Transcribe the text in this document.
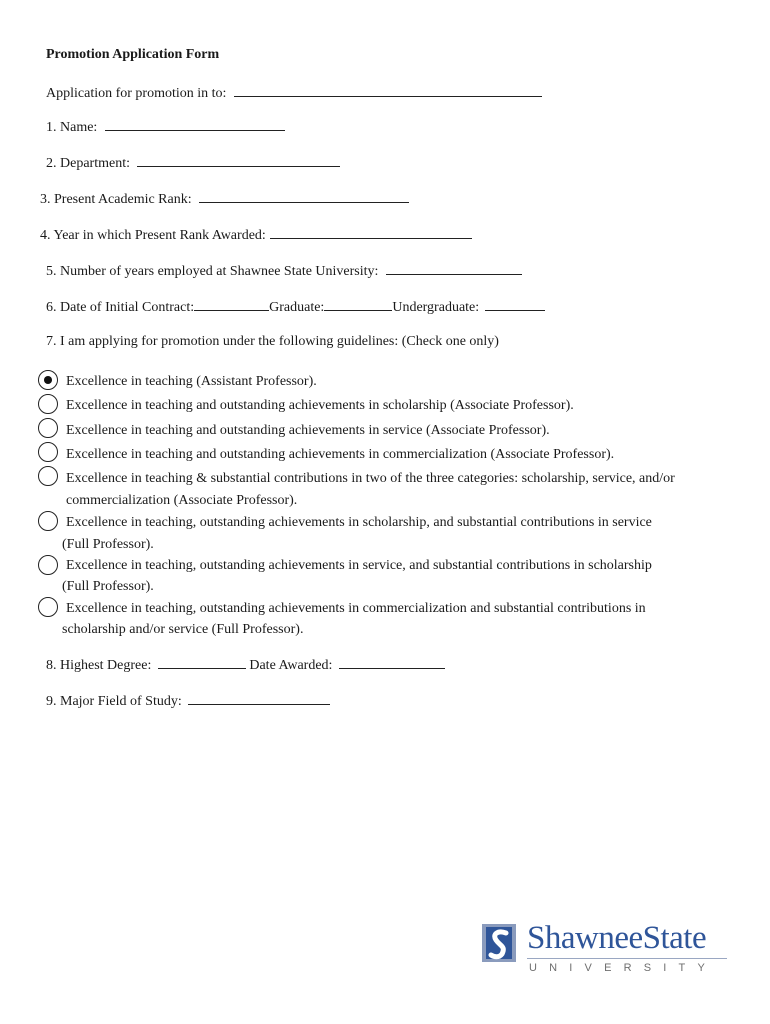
Promotion Application Form
Application for promotion in to:
1. Name:
2. Department:
3. Present Academic Rank:
4. Year in which Present Rank Awarded:
5. Number of years employed at Shawnee State University:
6. Date of Initial Contract:	Graduate:	Undergraduate:
7. I am applying for promotion under the following guidelines: (Check one only)
Excellence in teaching (Assistant Professor).
Excellence in teaching and outstanding achievements in scholarship (Associate Professor).
Excellence in teaching and outstanding achievements in service (Associate Professor).
Excellence in teaching and outstanding achievements in commercialization (Associate Professor).
Excellence in teaching & substantial contributions in two of the three categories: scholarship, service, and/or
commercialization (Associate Professor).
Excellence in teaching, outstanding achievements in scholarship, and substantial contributions in service
(Full Professor).
Excellence in teaching, outstanding achievements in service, and substantial contributions in scholarship
(Full Professor).
Excellence in teaching, outstanding achievements in commercialization and substantial contributions in
scholarship and/or service (Full Professor).
8. Highest Degree:	Date Awarded:
9. Major Field of Study:
ShawneeState
UNIVERSITY
